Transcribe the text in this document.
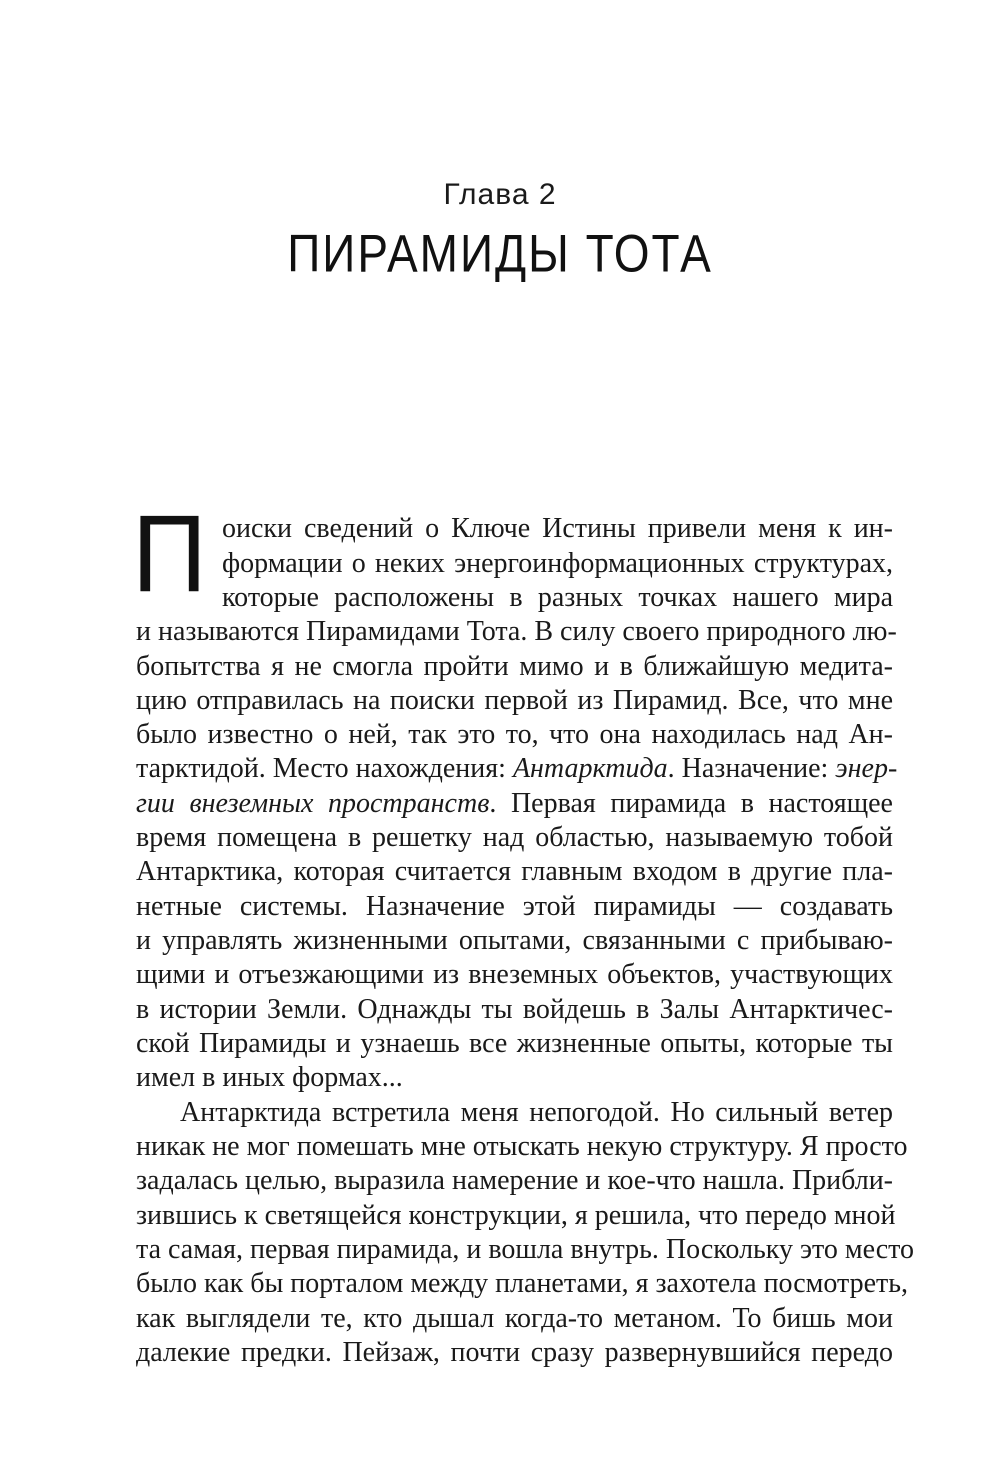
Глава 2
ПИРАМИДЫ ТОТА
П оиски сведений о Ключе Истины привели меня к ин-
формации о неких энергоинформационных структурах,
которые расположены в разных точках нашего мира
и называются Пирамидами Тота. В силу своего природного лю-
бопытства я не смогла пройти мимо и в ближайшую медита-
цию отправилась на поиски первой из Пирамид. Все, что мне
было известно о ней, так это то, что она находилась над Ан-
тарктидой. Место нахождения: Антарктида. Назначение: энер-
гии внеземных пространств. Первая пирамида в настоящее
время помещена в решетку над областью, называемую тобой
Антарктика, которая считается главным входом в другие пла-
нетные системы. Назначение этой пирамиды — создавать
и управлять жизненными опытами, связанными с прибываю-
щими и отъезжающими из внеземных объектов, участвующих
в истории Земли. Однажды ты войдешь в Залы Антарктичес-
ской Пирамиды и узнаешь все жизненные опыты, которые ты
имел в иных формах...
Антарктида встретила меня непогодой. Но сильный ветер
никак не мог помешать мне отыскать некую структуру. Я просто
задалась целью, выразила намерение и кое-что нашла. Прибли-
зившись к светящейся конструкции, я решила, что передо мной
та самая, первая пирамида, и вошла внутрь. Поскольку это место
было как бы порталом между планетами, я захотела посмотреть,
как выглядели те, кто дышал когда-то метаном. То бишь мои
далекие предки. Пейзаж, почти сразу развернувшийся передо
